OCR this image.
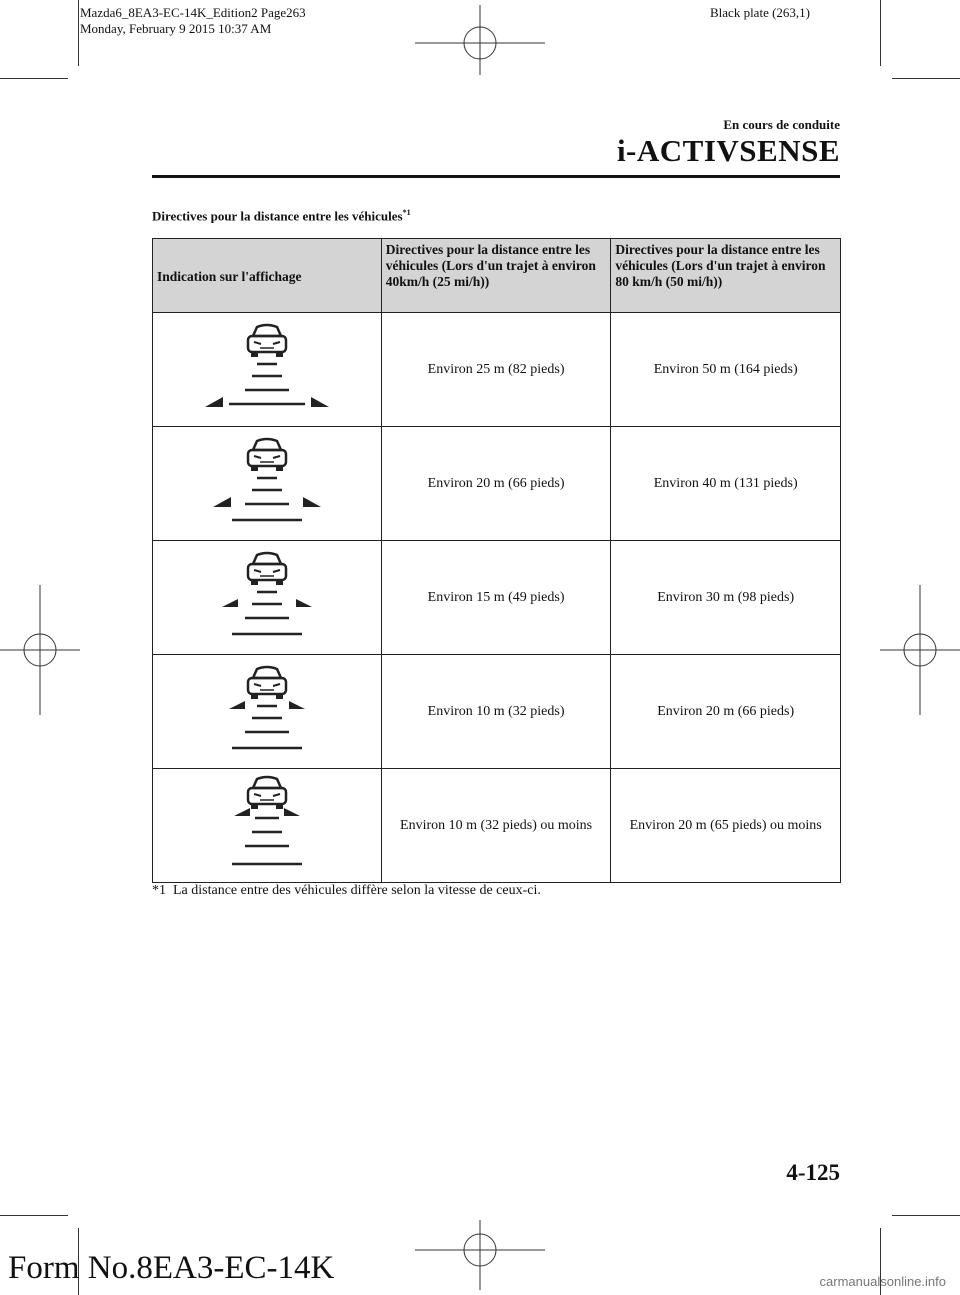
Mazda6_8EA3-EC-14K_Edition2 Page263
Monday, February 9 2015 10:37 AM
Black plate (263,1)
En cours de conduite
i-ACTIVSENSE
Directives pour la distance entre les véhicules$^{*1}$
Indication sur l'affichage	Directives pour la distance entre les véhicules (Lors d'un trajet à environ 40km/h (25 mi/h))	Directives pour la distance entre les véhicules (Lors d'un trajet à environ 80 km/h (50 mi/h))

	Environ 25 m (82 pieds)	Environ 50 m (164 pieds)

	Environ 20 m (66 pieds)	Environ 40 m (131 pieds)

	Environ 15 m (49 pieds)	Environ 30 m (98 pieds)

	Environ 10 m (32 pieds)	Environ 20 m (66 pieds)

	Environ 10 m (32 pieds) ou moins	Environ 20 m (65 pieds) ou moins
*1  La distance entre des véhicules diffère selon la vitesse de ceux-ci.
4-125
Form No.8EA3-EC-14K	carmanualsonline.info
